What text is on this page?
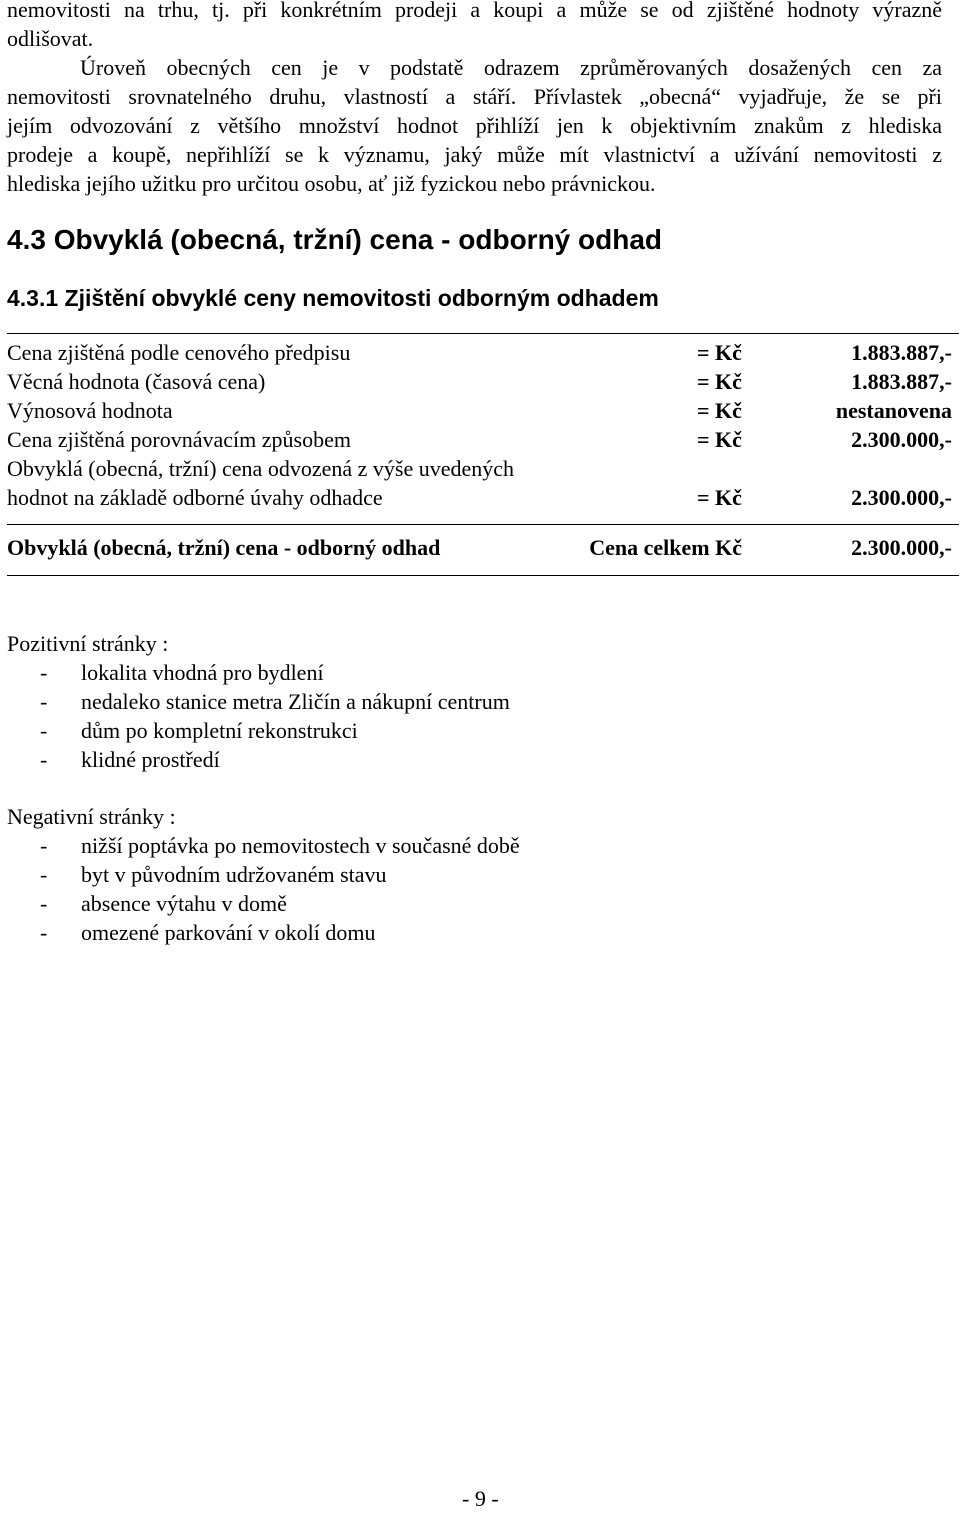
nemovitosti na trhu, tj. při konkrétním prodeji a koupi a může se od zjištěné hodnoty výrazně
odlišovat.
Úroveň obecných cen je v podstatě odrazem zprůměrovaných dosažených cen za
nemovitosti srovnatelného druhu, vlastností a stáří. Přívlastek „obecná“ vyjadřuje, že se při
jejím odvozování z většího množství hodnot přihlíží jen k objektivním znakům z hlediska
prodeje a koupě, nepřihlíží se k významu, jaký může mít vlastnictví a užívání nemovitosti z
hlediska jejího užitku pro určitou osobu, ať již fyzickou nebo právnickou.
4.3 Obvyklá (obecná, tržní) cena - odborný odhad
4.3.1 Zjištění obvyklé ceny nemovitosti odborným odhadem
Cena zjištěná podle cenového předpisu	= Kč	1.883.887,-
Věcná hodnota (časová cena)	= Kč	1.883.887,-
Výnosová hodnota	= Kč	nestanovena
Cena zjištěná porovnávacím způsobem	= Kč	2.300.000,-
Obvyklá (obecná, tržní) cena odvozená z výše uvedených
hodnot na základě odborné úvahy odhadce	= Kč	2.300.000,-
Obvyklá (obecná, tržní) cena - odborný odhad	Cena celkem Kč	2.300.000,-
Pozitivní stránky :
- lokalita vhodná pro bydlení
- nedaleko stanice metra Zličín a nákupní centrum
- dům po kompletní rekonstrukci
- klidné prostředí
Negativní stránky :
- nižší poptávka po nemovitostech v současné době
- byt v původním udržovaném stavu
- absence výtahu v domě
- omezené parkování v okolí domu
- 9 -
